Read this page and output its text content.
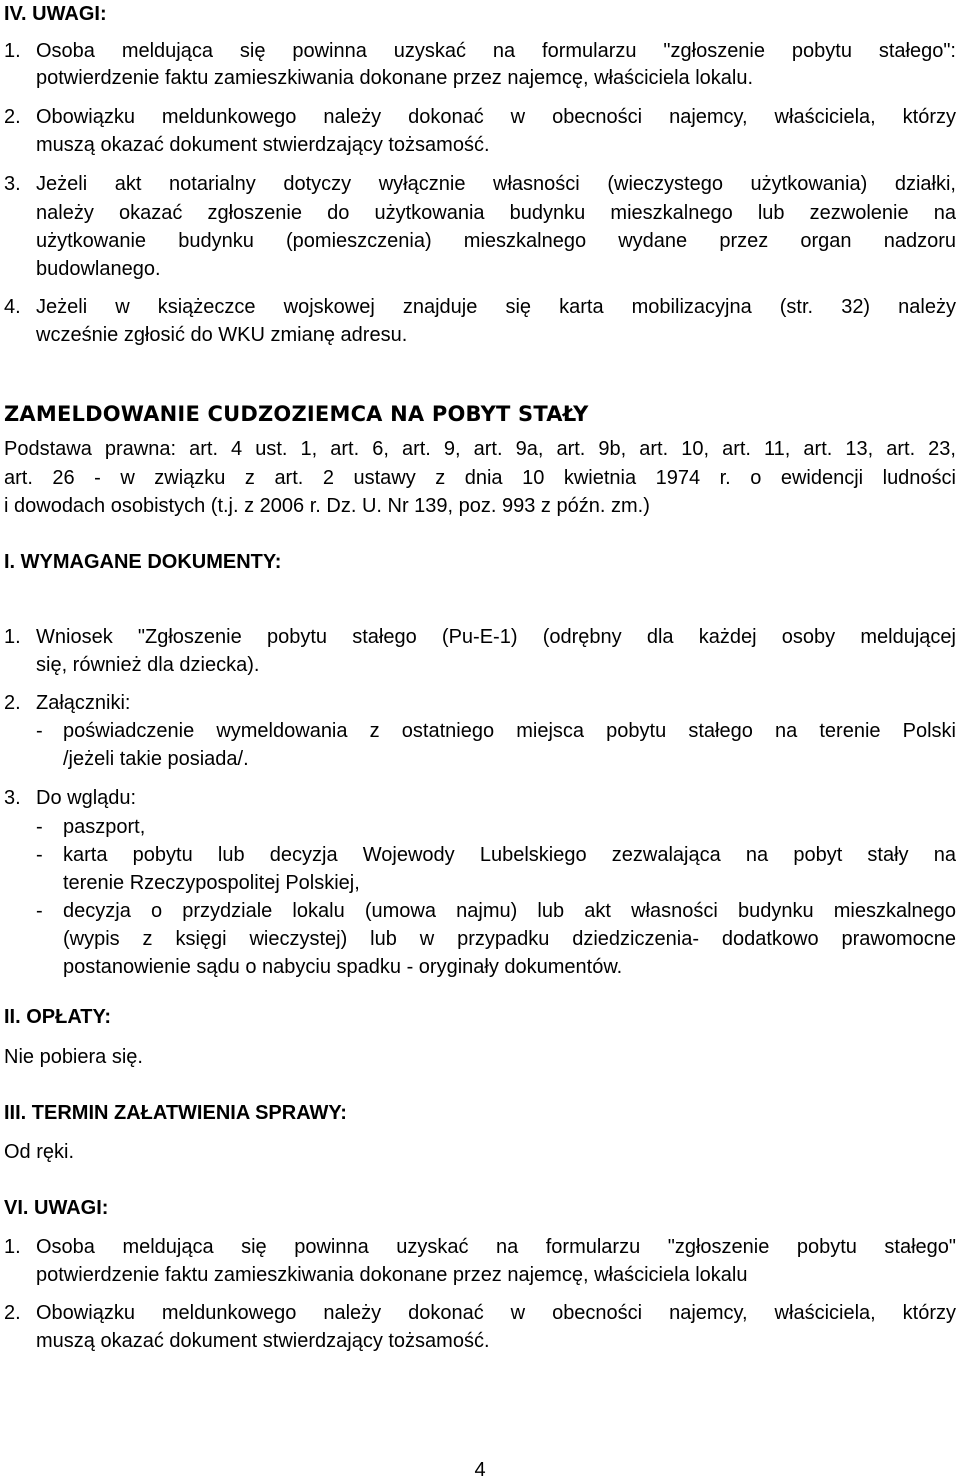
IV. UWAGI:
1. Osoba meldująca się powinna uzyskać na formularzu "zgłoszenie pobytu stałego":
potwierdzenie faktu zamieszkiwania dokonane przez najemcę, właściciela lokalu.
2. Obowiązku meldunkowego należy dokonać w obecności najemcy, właściciela, którzy
muszą okazać dokument stwierdzający tożsamość.
3. Jeżeli akt notarialny dotyczy wyłącznie własności (wieczystego użytkowania) działki,
należy okazać zgłoszenie do użytkowania budynku mieszkalnego lub zezwolenie na
użytkowanie budynku (pomieszczenia) mieszkalnego wydane przez organ nadzoru
budowlanego.
4. Jeżeli w książeczce wojskowej znajduje się karta mobilizacyjna (str. 32) należy
wcześnie zgłosić do WKU zmianę adresu.
ZAMELDOWANIE CUDZOZIEMCA NA POBYT STAŁY
Podstawa prawna: art. 4 ust. 1, art. 6, art. 9, art. 9a, art. 9b, art. 10, art. 11, art. 13, art. 23,
art. 26 - w związku z art. 2 ustawy z dnia 10 kwietnia 1974 r. o ewidencji ludności
i dowodach osobistych (t.j. z 2006 r. Dz. U. Nr 139, poz. 993 z późn. zm.)
I. WYMAGANE DOKUMENTY:
1. Wniosek "Zgłoszenie pobytu stałego (Pu-E-1) (odrębny dla każdej osoby meldującej
się, również dla dziecka).
2. Załączniki:
-	poświadczenie wymeldowania z ostatniego miejsca pobytu stałego na terenie Polski
/jeżeli takie posiada/.
3. Do wglądu:
-	paszport,
-	karta pobytu lub decyzja Wojewody Lubelskiego zezwalająca na pobyt stały na
terenie Rzeczypospolitej Polskiej,
-	decyzja o przydziale lokalu (umowa najmu) lub akt własności budynku mieszkalnego
(wypis z księgi wieczystej) lub w przypadku dziedziczenia- dodatkowo prawomocne
postanowienie sądu o nabyciu spadku - oryginały dokumentów.
II. OPŁATY:
Nie pobiera się.
III. TERMIN ZAŁATWIENIA SPRAWY:
Od ręki.
VI. UWAGI:
1. Osoba meldująca się powinna uzyskać na formularzu "zgłoszenie pobytu stałego"
potwierdzenie faktu zamieszkiwania dokonane przez najemcę, właściciela lokalu
2. Obowiązku meldunkowego należy dokonać w obecności najemcy, właściciela, którzy
muszą okazać dokument stwierdzający tożsamość.
4
